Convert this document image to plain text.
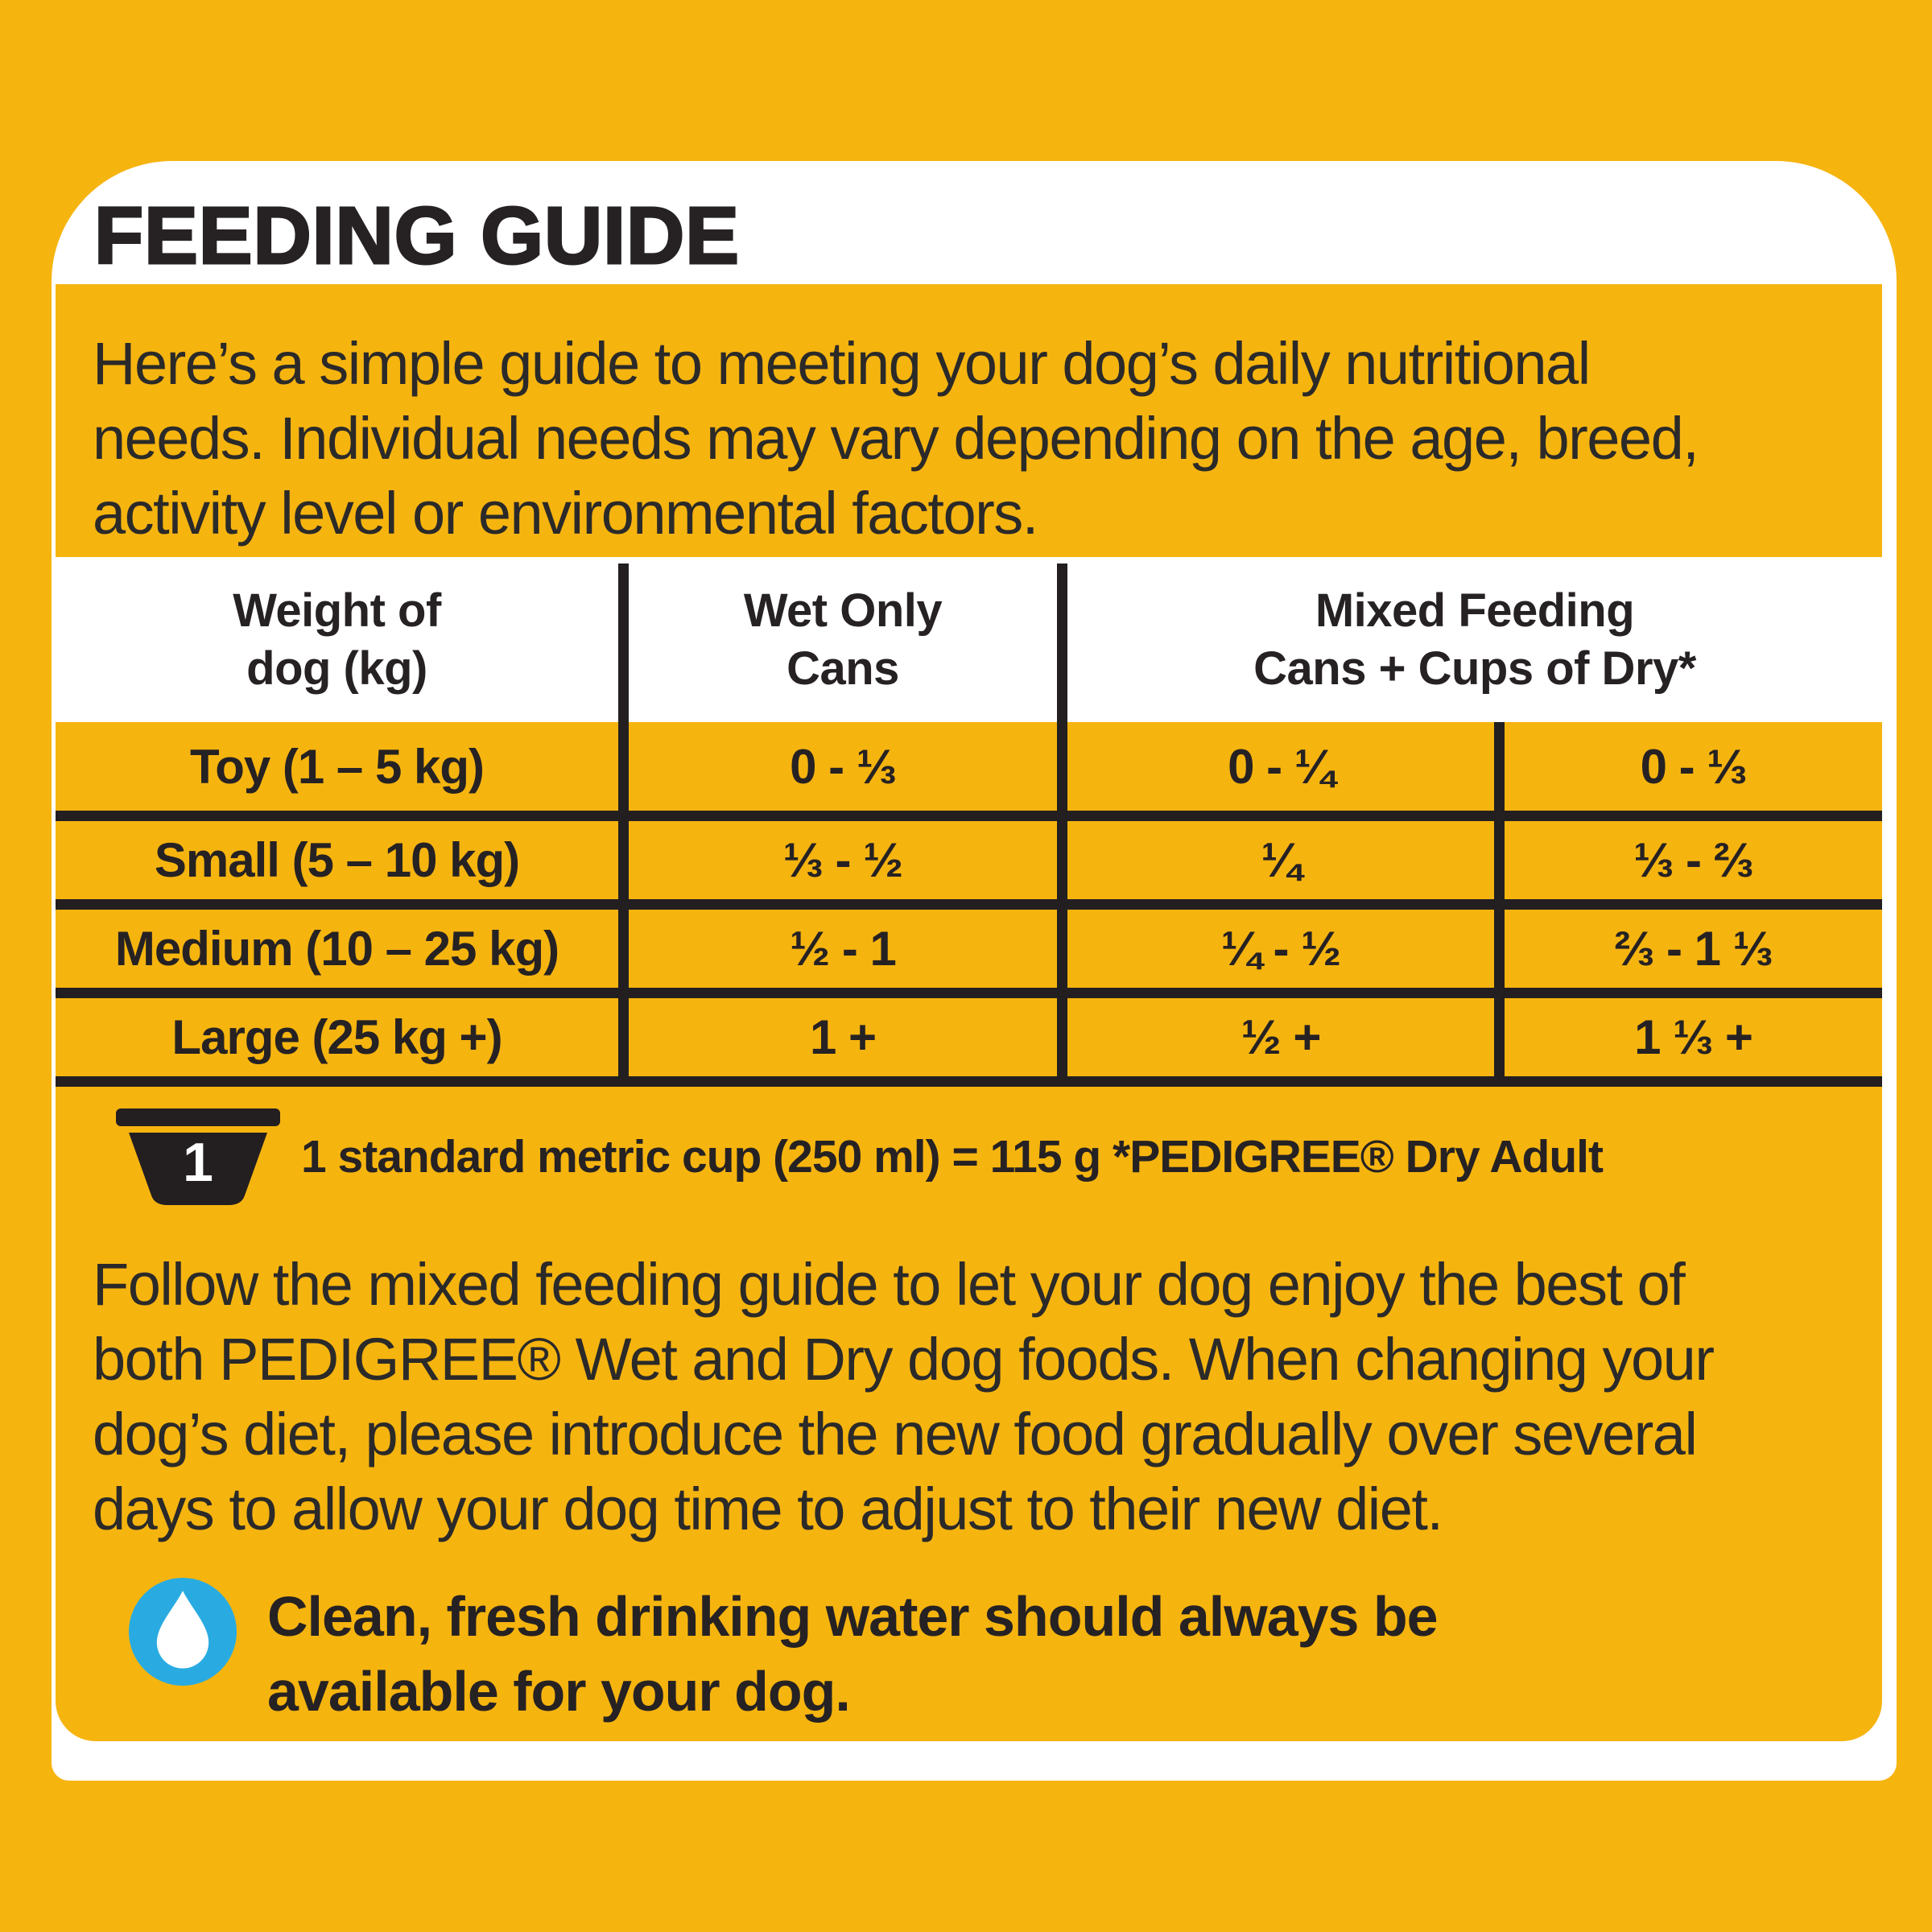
FEEDING GUIDE
Here’s a simple guide to meeting your dog’s daily nutritional
needs. Individual needs may vary depending on the age, breed,
activity level or environmental factors.
Weight of
dog (kg)
Wet Only
Cans
Mixed Feeding
Cans + Cups of Dry*
Toy (1 – 5 kg)	0 - ⅓	0 - ¼	0 - ⅓
Small (5 – 10 kg)	⅓ - ½	¼	⅓ - ⅔
Medium (10 – 25 kg)	½ - 1	¼ - ½	⅔ - 1 ⅓
Large (25 kg +)	1 +	½ +	1 ⅓ +
1 1 standard metric cup (250 ml) = 115 g *PEDIGREE® Dry Adult
Follow the mixed feeding guide to let your dog enjoy the best of
both PEDIGREE® Wet and Dry dog foods. When changing your
dog’s diet, please introduce the new food gradually over several
days to allow your dog time to adjust to their new diet.
Clean, fresh drinking water should always be
available for your dog.
